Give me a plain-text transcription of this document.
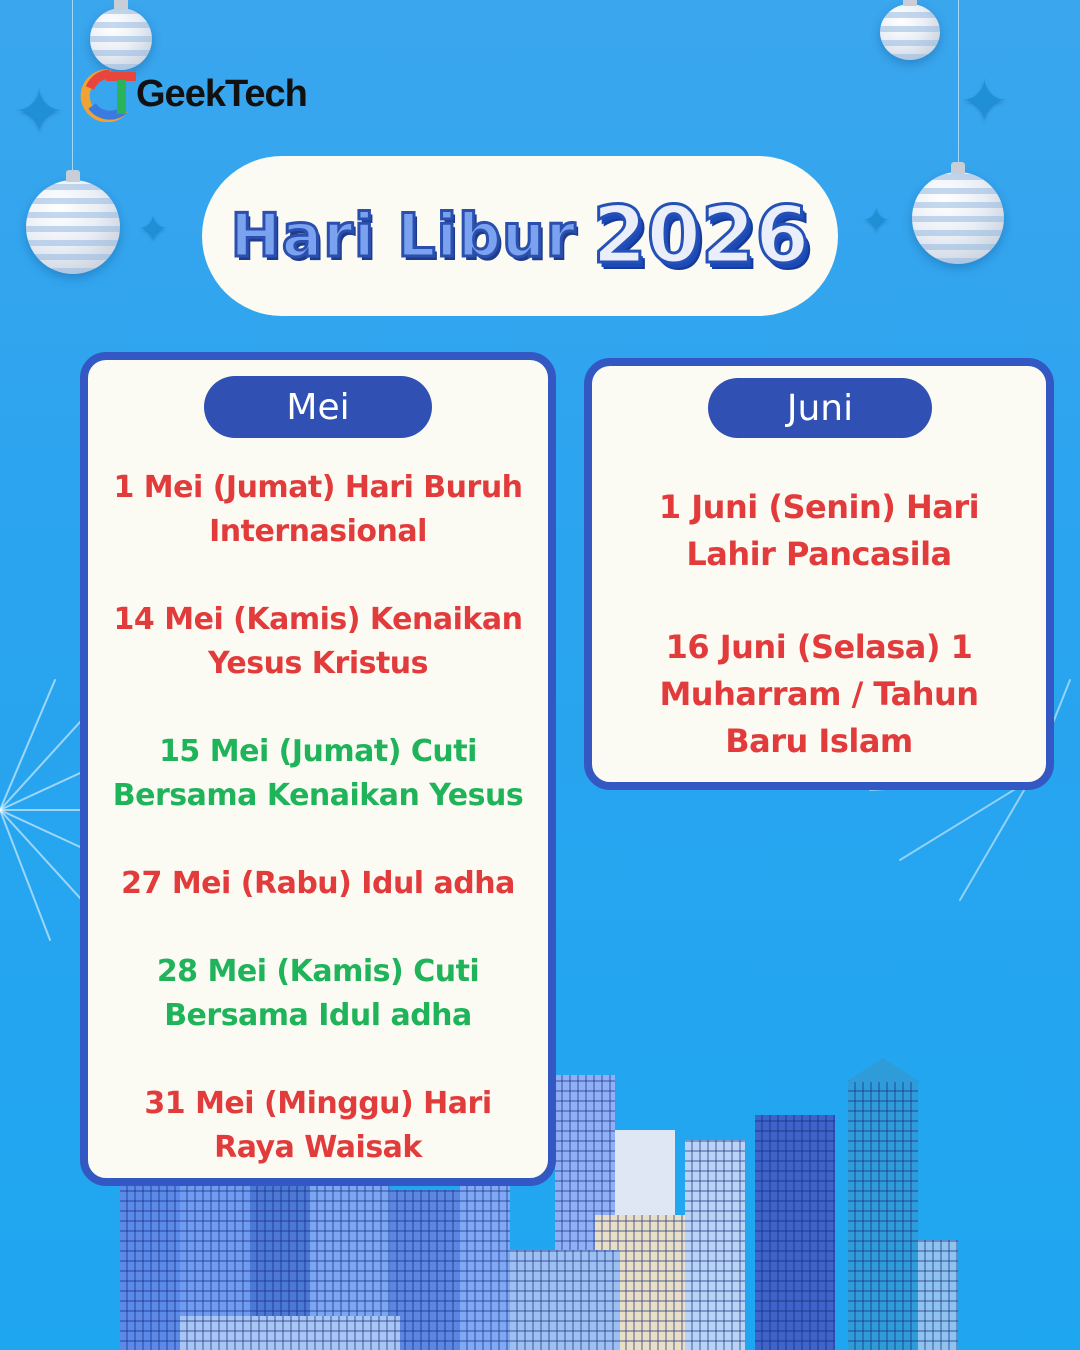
✦
✦
✦
✦
GeekTech
Hari Libur 2026
Mei
1 Mei (Jumat) Hari Buruh
Internasional
14 Mei (Kamis) Kenaikan
Yesus Kristus
15 Mei (Jumat) Cuti
Bersama Kenaikan Yesus
27 Mei (Rabu) Idul adha
28 Mei (Kamis) Cuti
Bersama Idul adha
31 Mei (Minggu) Hari
Raya Waisak
Juni
1 Juni (Senin) Hari
Lahir Pancasila
16 Juni (Selasa) 1
Muharram / Tahun
Baru Islam
